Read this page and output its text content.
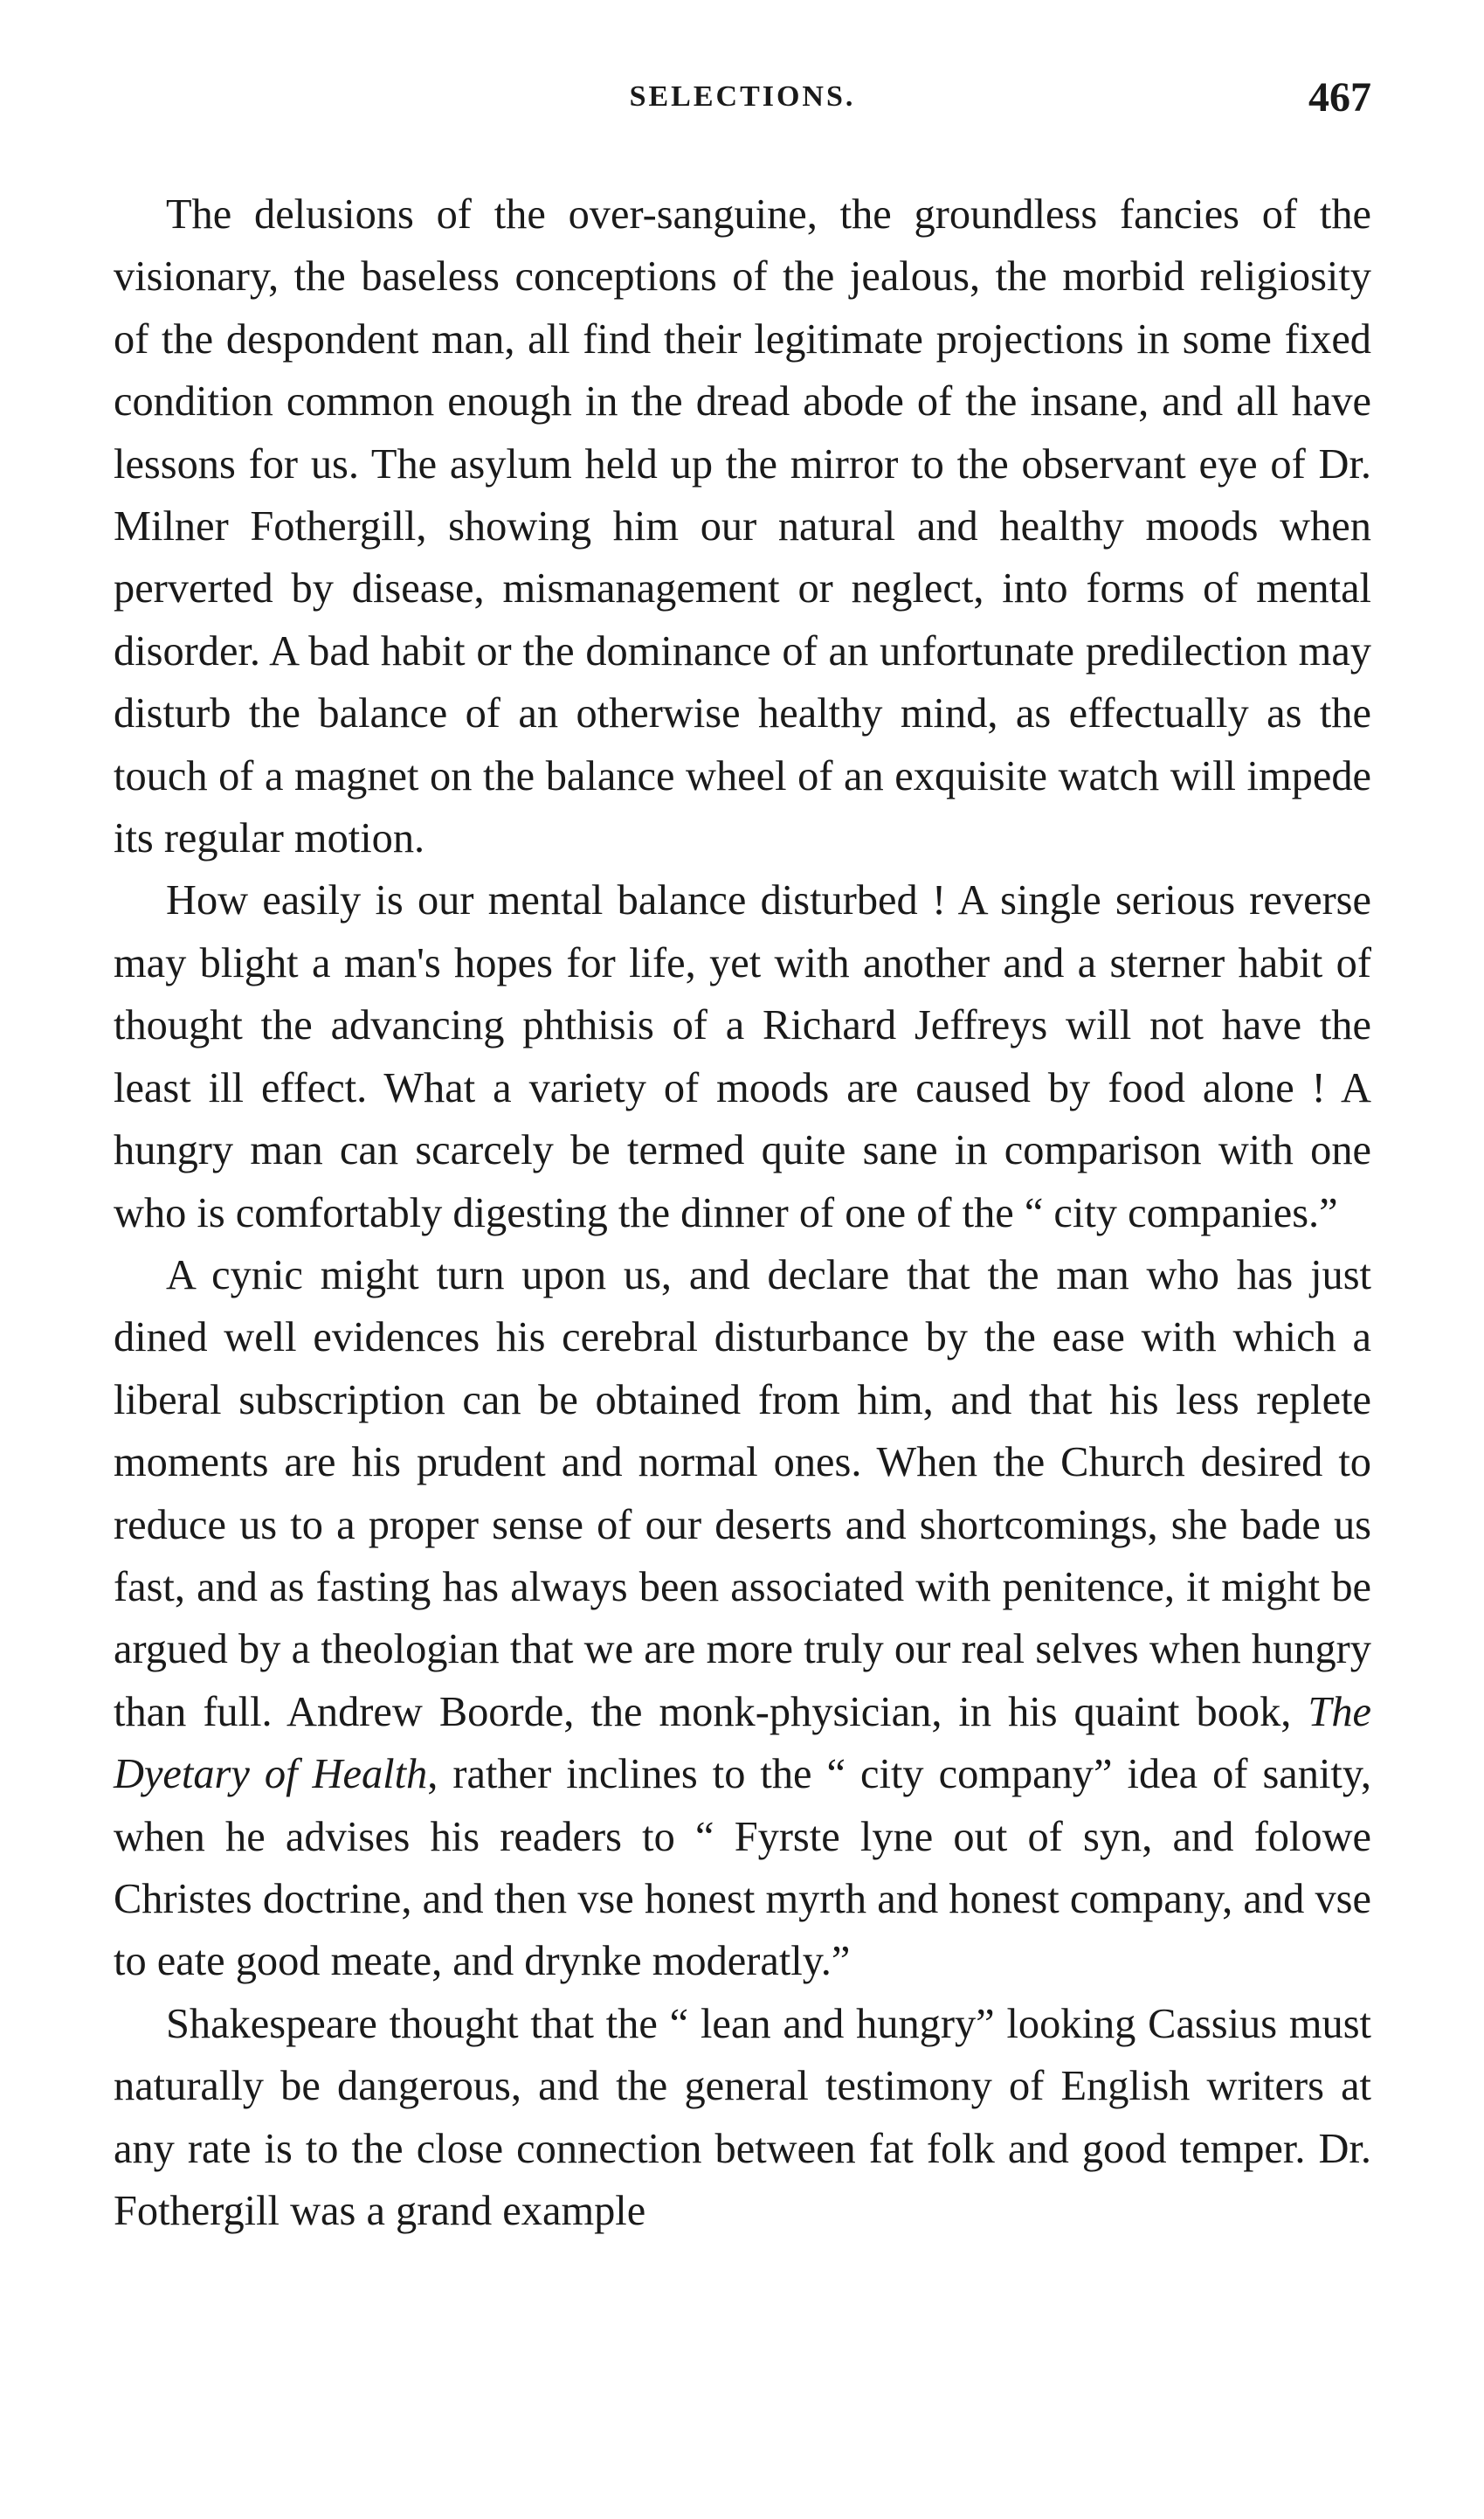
SELECTIONS.	467

The delusions of the over-sanguine, the groundless fancies of the visionary, the baseless conceptions of the jealous, the morbid religiosity of the despondent man, all find their legitimate projections in some fixed condition common enough in the dread abode of the insane, and all have lessons for us. The asylum held up the mirror to the observant eye of Dr. Milner Fothergill, showing him our natural and healthy moods when perverted by disease, mismanagement or neglect, into forms of mental disorder. A bad habit or the dominance of an unfortunate predilection may disturb the balance of an otherwise healthy mind, as effectually as the touch of a magnet on the balance wheel of an exquisite watch will impede its regular motion.

How easily is our mental balance disturbed ! A single serious reverse may blight a man's hopes for life, yet with another and a sterner habit of thought the advancing phthisis of a Richard Jeffreys will not have the least ill effect. What a variety of moods are caused by food alone ! A hungry man can scarcely be termed quite sane in comparison with one who is comfortably digesting the dinner of one of the “ city companies.”

A cynic might turn upon us, and declare that the man who has just dined well evidences his cerebral disturbance by the ease with which a liberal subscription can be obtained from him, and that his less replete moments are his prudent and normal ones. When the Church desired to reduce us to a proper sense of our deserts and shortcomings, she bade us fast, and as fasting has always been associated with penitence, it might be argued by a theologian that we are more truly our real selves when hungry than full. Andrew Boorde, the monk-physician, in his quaint book, The Dyetary of Health, rather inclines to the “ city company” idea of sanity, when he advises his readers to “ Fyrste lyne out of syn, and folowe Christes doctrine, and then vse honest myrth and honest company, and vse to eate good meate, and drynke moderatly.”

Shakespeare thought that the “ lean and hungry” looking Cassius must naturally be dangerous, and the general testimony of English writers at any rate is to the close connection between fat folk and good temper. Dr. Fothergill was a grand example
